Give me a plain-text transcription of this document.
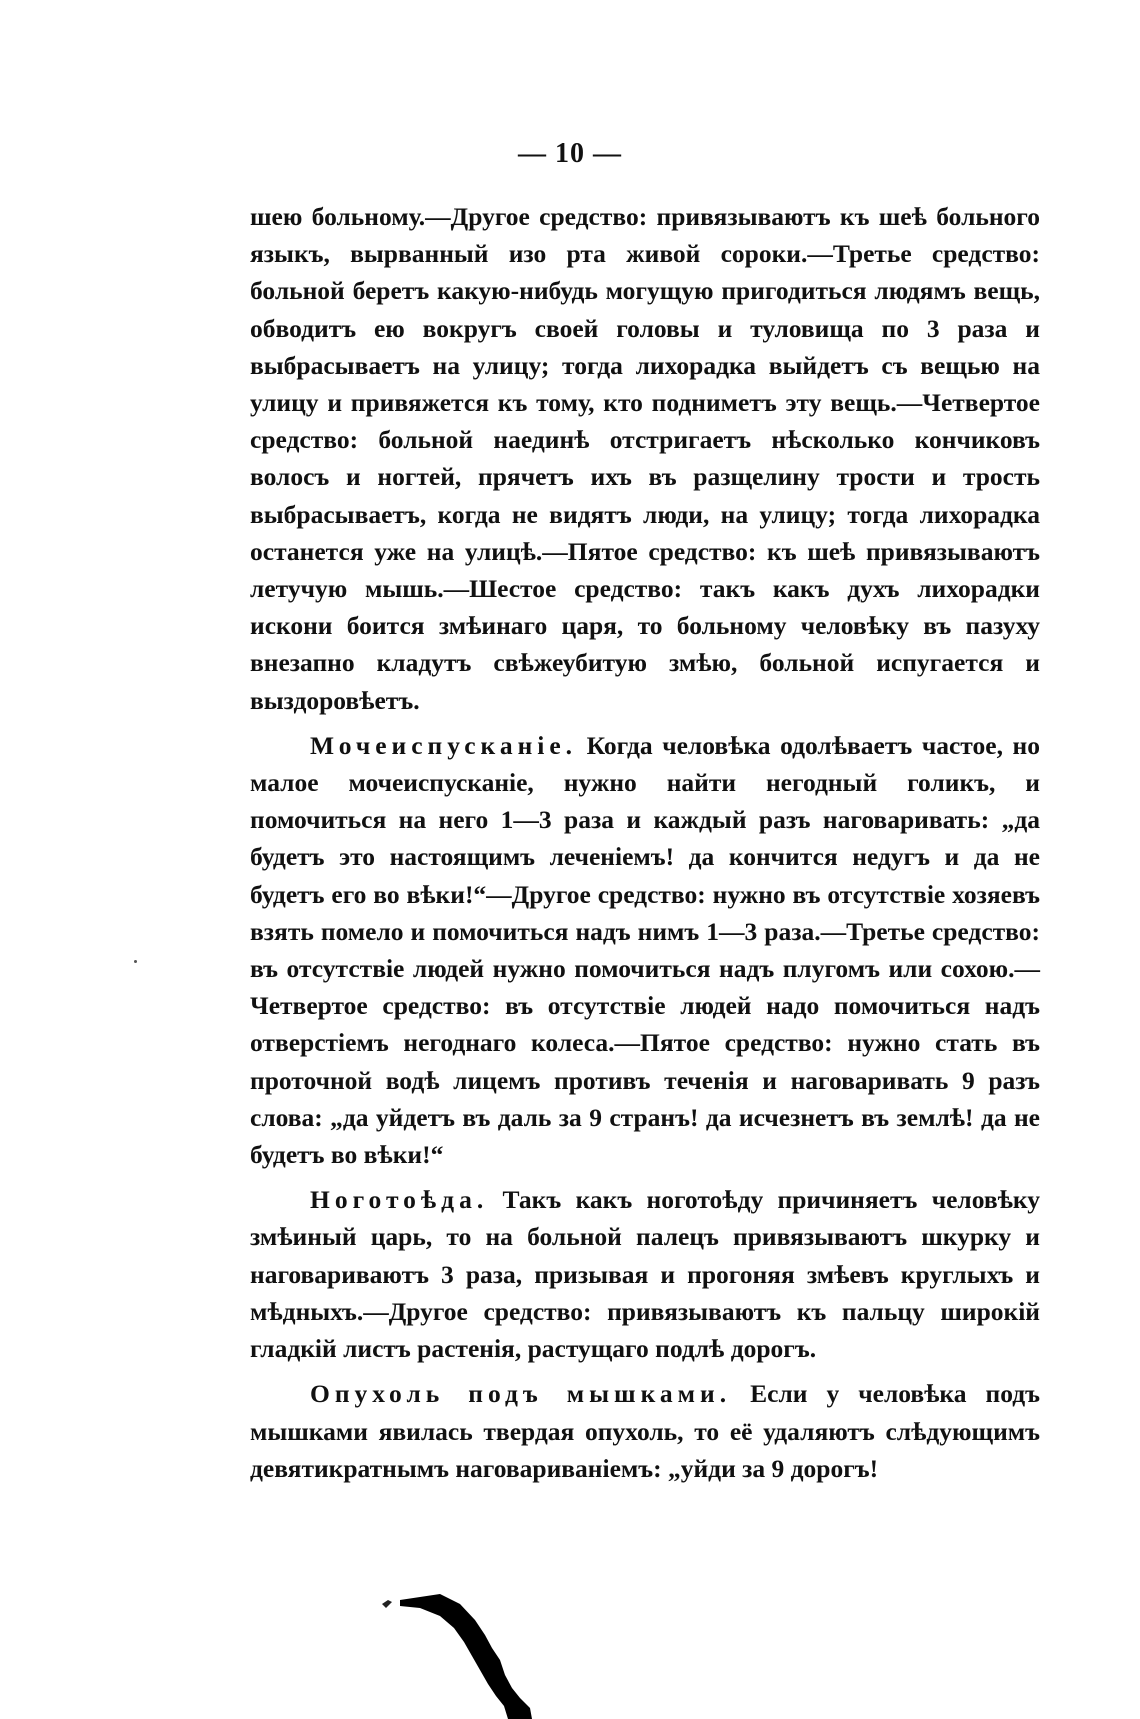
— 10 —

шею больному.—Другое средство: привязываютъ къ шеѣ больного языкъ, вырванный изо рта живой сороки.—Третье средство: больной беретъ какую-нибудь могущую пригодиться людямъ вещь, обводитъ ею вокругъ своей головы и туловища по 3 раза и выбрасываетъ на улицу; тогда лихорадка выйдетъ съ вещью на улицу и привяжется къ тому, кто подниметъ эту вещь.—Четвертое средство: больной наединѣ отстригаетъ нѣсколько кончиковъ волосъ и ногтей, прячетъ ихъ въ разщелину трости и трость выбрасываетъ, когда не видятъ люди, на улицу; тогда лихорадка останется уже на улицѣ.—Пятое средство: къ шеѣ привязываютъ летучую мышь.—Шестое средство: такъ какъ духъ лихорадки искони боится змѣинаго царя, то больному человѣку въ пазуху внезапно кладутъ свѣжеубитую змѣю, больной испугается и выздоровѣетъ.

Мочеиспусканіе. Когда человѣка одолѣваетъ частое, но малое мочеиспусканіе, нужно найти негодный голикъ, и помочиться на него 1—3 раза и каждый разъ наговаривать: „да будетъ это настоящимъ леченіемъ! да кончится недугъ и да не будетъ его во вѣки!“—Другое средство: нужно въ отсутствіе хозяевъ взять помело и помочиться надъ нимъ 1—3 раза.—Третье средство: въ отсутствіе людей нужно помочиться надъ плугомъ или сохою.—Четвертое средство: въ отсутствіе людей надо помочиться надъ отверстіемъ негоднаго колеса.—Пятое средство: нужно стать въ проточной водѣ лицемъ противъ теченія и наговаривать 9 разъ слова: „да уйдетъ въ даль за 9 странъ! да исчезнетъ въ землѣ! да не будетъ во вѣки!“

Ноготоѣда. Такъ какъ ноготоѣду причиняетъ человѣку змѣиный царь, то на больной палецъ привязываютъ шкурку и наговариваютъ 3 раза, призывая и прогоняя змѣевъ круглыхъ и мѣдныхъ.—Другое средство: привязываютъ къ пальцу широкій гладкій листъ растенія, растущаго подлѣ дорогъ.

Опухоль подъ мышками. Если у человѣка подъ мышками явилась твердая опухоль, то её удаляютъ слѣдующимъ девятикратнымъ наговариваніемъ: „уйди за 9 дорогъ!
